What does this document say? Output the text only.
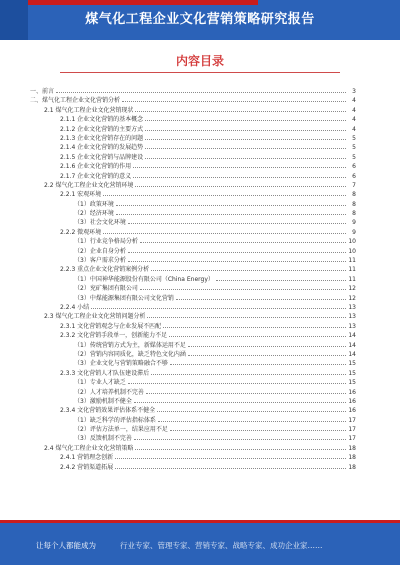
煤气化工程企业文化营销策略研究报告
内容目录
一、前言	3
二、煤气化工程企业文化营销分析	4
2.1 煤气化工程企业文化营销现状	4
2.1.1 企业文化营销的基本概念	4
2.1.2 企业文化营销的主要方式	4
2.1.3 企业文化营销存在的问题	5
2.1.4 企业文化营销的发展趋势	5
2.1.5 企业文化营销与品牌建设	5
2.1.6 企业文化营销的作用	6
2.1.7 企业文化营销的意义	6
2.2 煤气化工程企业文化营销环境	7
2.2.1 宏观环境	8
（1）政策环境	8
（2）经济环境	8
（3）社会文化环境	9
2.2.2 微观环境	9
（1）行业竞争格局分析	10
（2）企业自身分析	10
（3）客户需求分析	11
2.2.3 重点企业文化营销案例分析	11
（1）中国神华能源股份有限公司（China Energy）	11
（2）兖矿集团有限公司	12
（3）中煤能源集团有限公司文化营销	12
2.2.4 小结	13
2.3 煤气化工程企业文化营销问题分析	13
2.3.1 文化营销观念与企业发展不匹配	13
2.3.2 文化营销手段单一，创新能力不足	14
（1）传统营销方式为主，新媒体运用不足	14
（2）营销内容同质化，缺乏特色文化内涵	14
（3）企业文化与营销策略融合不够	15
2.3.3 文化营销人才队伍建设滞后	15
（1）专业人才缺乏	15
（2）人才培养机制不完善	16
（3）激励机制不健全	16
2.3.4 文化营销效果评估体系不健全	16
（1）缺乏科学的评估指标体系	17
（2）评估方法单一，结果应用不足	17
（3）反馈机制不完善	17
2.4 煤气化工程企业文化营销策略	18
2.4.1 营销理念创新	18
2.4.2 营销渠道拓展	18
让每个人都能成为	行业专家、管理专家、营销专家、战略专家、成功企业家……
